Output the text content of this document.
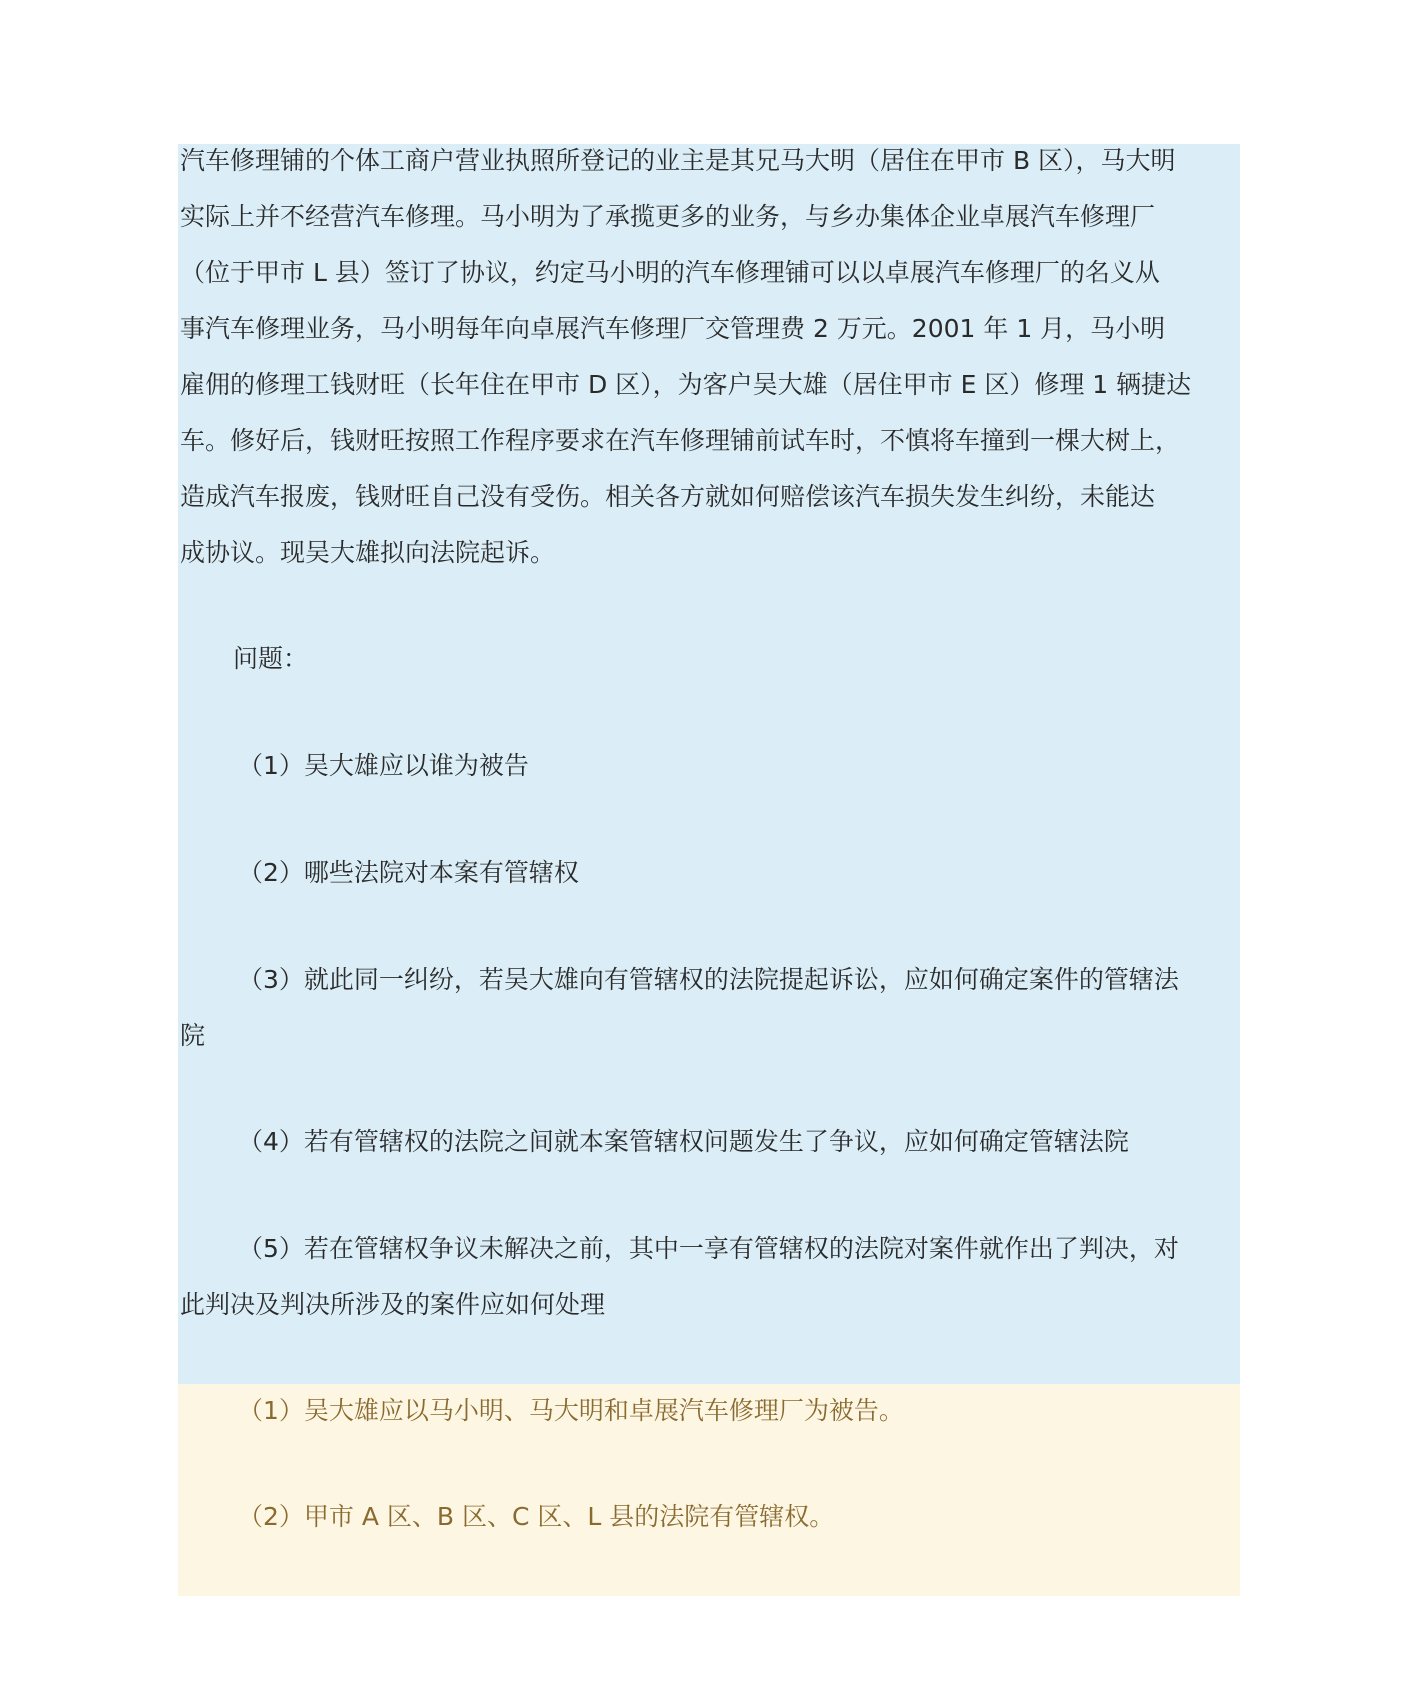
汽车修理铺的个体工商户营业执照所登记的业主是其兄马大明（居住在甲市 B 区），马大明
实际上并不经营汽车修理。马小明为了承揽更多的业务，与乡办集体企业卓展汽车修理厂
（位于甲市 L 县）签订了协议，约定马小明的汽车修理铺可以以卓展汽车修理厂的名义从
事汽车修理业务，马小明每年向卓展汽车修理厂交管理费 2 万元。2001 年 1 月，马小明
雇佣的修理工钱财旺（长年住在甲市 D 区），为客户吴大雄（居住甲市 E 区）修理 1 辆捷达
车。修好后，钱财旺按照工作程序要求在汽车修理铺前试车时，不慎将车撞到一棵大树上，
造成汽车报废，钱财旺自己没有受伤。相关各方就如何赔偿该汽车损失发生纠纷，未能达
成协议。现吴大雄拟向法院起诉。
问题：
（1）吴大雄应以谁为被告
（2）哪些法院对本案有管辖权
（3）就此同一纠纷，若吴大雄向有管辖权的法院提起诉讼，应如何确定案件的管辖法
院
（4）若有管辖权的法院之间就本案管辖权问题发生了争议，应如何确定管辖法院
（5）若在管辖权争议未解决之前，其中一享有管辖权的法院对案件就作出了判决，对
此判决及判决所涉及的案件应如何处理
（1）吴大雄应以马小明、马大明和卓展汽车修理厂为被告。
（2）甲市 A 区、B 区、C 区、L 县的法院有管辖权。
